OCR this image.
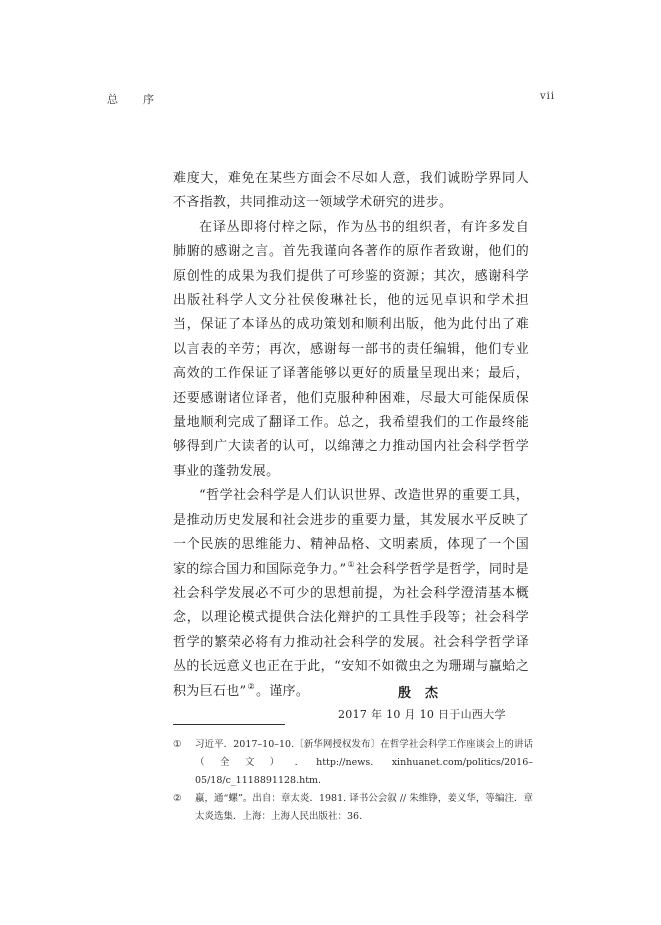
总序	vii

难度大，难免在某些方面会不尽如人意，我们诚盼学界同人不吝指教，共同推动这一领域学术研究的进步。

在译丛即将付梓之际，作为丛书的组织者，有许多发自肺腑的感谢之言。首先我谨向各著作的原作者致谢，他们的原创性的成果为我们提供了可珍鉴的资源；其次，感谢科学出版社科学人文分社侯俊琳社长，他的远见卓识和学术担当，保证了本译丛的成功策划和顺利出版，他为此付出了难以言表的辛劳；再次，感谢每一部书的责任编辑，他们专业高效的工作保证了译著能够以更好的质量呈现出来；最后，还要感谢诸位译者，他们克服种种困难，尽最大可能保质保量地顺利完成了翻译工作。总之，我希望我们的工作最终能够得到广大读者的认可，以绵薄之力推动国内社会科学哲学事业的蓬勃发展。

“哲学社会科学是人们认识世界、改造世界的重要工具，是推动历史发展和社会进步的重要力量，其发展水平反映了一个民族的思维能力、精神品格、文明素质，体现了一个国家的综合国力和国际竞争力。”①社会科学哲学是哲学，同时是社会科学发展必不可少的思想前提，为社会科学澄清基本概念，以理论模式提供合法化辩护的工具性手段等；社会科学哲学的繁荣必将有力推动社会科学的发展。社会科学哲学译丛的长远意义也正在于此，“安知不如微虫之为珊瑚与蠃蛤之积为巨石也”②。谨序。	殷杰
2017 年 10 月 10 日于山西大学
①	习近平．2017–10–10.〔新华网授权发布〕在哲学社会科学工作座谈会上的讲话（全文）. http://news. xinhuanet.com/politics/2016–05/18/c_1118891128.htm.
②	蠃，通“螺”。出自：章太炎．1981. 译书公会叙 // 朱维铮，姜义华，等编注．章太炎选集．上海：上海人民出版社：36.
